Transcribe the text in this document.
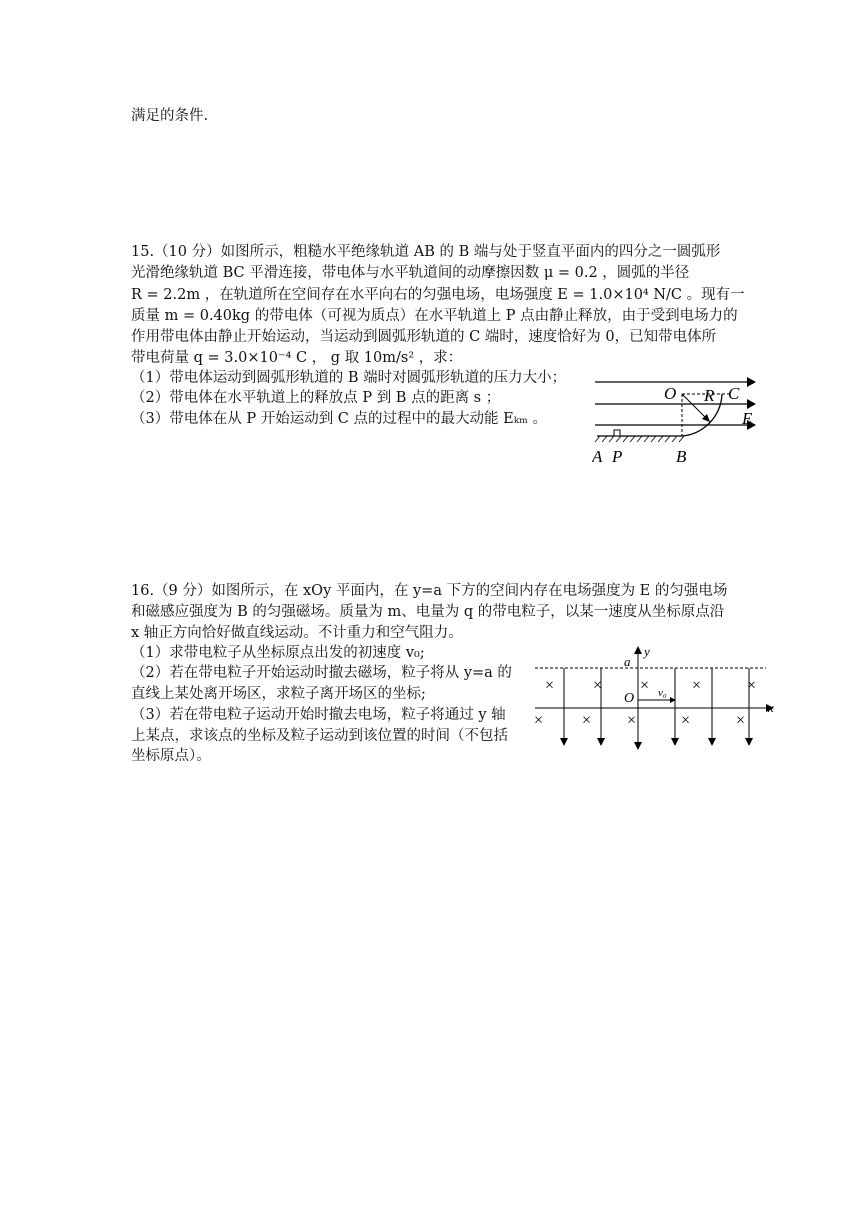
满足的条件.
15.（10 分）如图所示，粗糙水平绝缘轨道 AB 的 B 端与处于竖直平面内的四分之一圆弧形
光滑绝缘轨道 BC 平滑连接，带电体与水平轨道间的动摩擦因数 μ = 0.2 ，圆弧的半径
R = 2.2m ，在轨道所在空间存在水平向右的匀强电场，电场强度 E = 1.0×10⁴ N/C 。现有一
质量 m = 0.40kg 的带电体（可视为质点）在水平轨道上 P 点由静止释放，由于受到电场力的
作用带电体由静止开始运动，当运动到圆弧形轨道的 C 端时，速度恰好为 0，已知带电体所
带电荷量 q = 3.0×10⁻⁴ C ， g 取 10m/s² ，求：
（1）带电体运动到圆弧形轨道的 B 端时对圆弧形轨道的压力大小；
（2）带电体在水平轨道上的释放点 P 到 B 点的距离 s ；
（3）带电体在从 P 开始运动到 C 点的过程中的最大动能 Eₖₘ 。
O R C
E
A P	B
16.（9 分）如图所示，在 xOy 平面内，在 y=a 下方的空间内存在电场强度为 E 的匀强电场
和磁感应强度为 B 的匀强磁场。质量为 m、电量为 q 的带电粒子，以某一速度从坐标原点沿
x 轴正方向恰好做直线运动。不计重力和空气阻力。
（1）求带电粒子从坐标原点出发的初速度 v₀;
（2）若在带电粒子开始运动时撤去磁场，粒子将从 y=a 的
直线上某处离开场区，求粒子离开场区的坐标;
（3）若在带电粒子运动开始时撤去电场，粒子将通过 y 轴
上某点，求该点的坐标及粒子运动到该位置的时间（不包括
坐标原点）。
× × ×	×	×
× × ×	×	×
a
y
O v₀
x
